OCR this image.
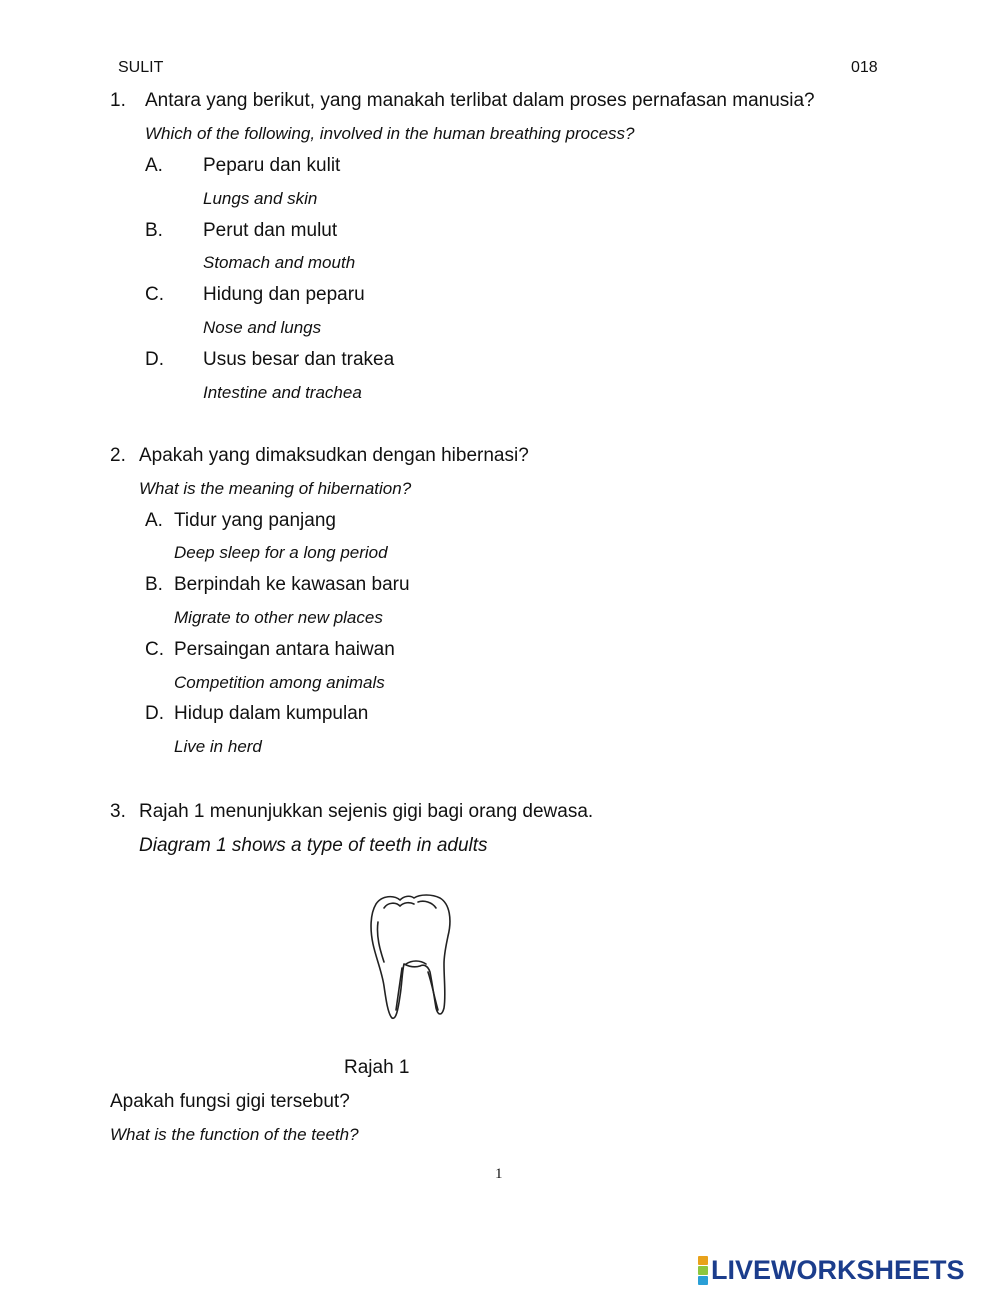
SULIT	018
1. Antara yang berikut, yang manakah terlibat dalam proses pernafasan manusia?
Which of the following, involved in the human breathing process?
A. Peparu dan kulit
Lungs and skin
B. Perut dan mulut
Stomach and mouth
C. Hidung dan peparu
Nose and lungs
D. Usus besar dan trakea
Intestine and trachea
2. Apakah yang dimaksudkan dengan hibernasi?
What is the meaning of hibernation?
A. Tidur yang panjang
Deep sleep for a long period
B. Berpindah ke kawasan baru
Migrate to other new places
C. Persaingan antara haiwan
Competition among animals
D. Hidup dalam kumpulan
Live in herd
3. Rajah 1 menunjukkan sejenis gigi bagi orang dewasa.
Diagram 1 shows a type of teeth in adults
Rajah 1
Apakah fungsi gigi tersebut?
What is the function of the teeth?
1
LIVEWORKSHEETS
